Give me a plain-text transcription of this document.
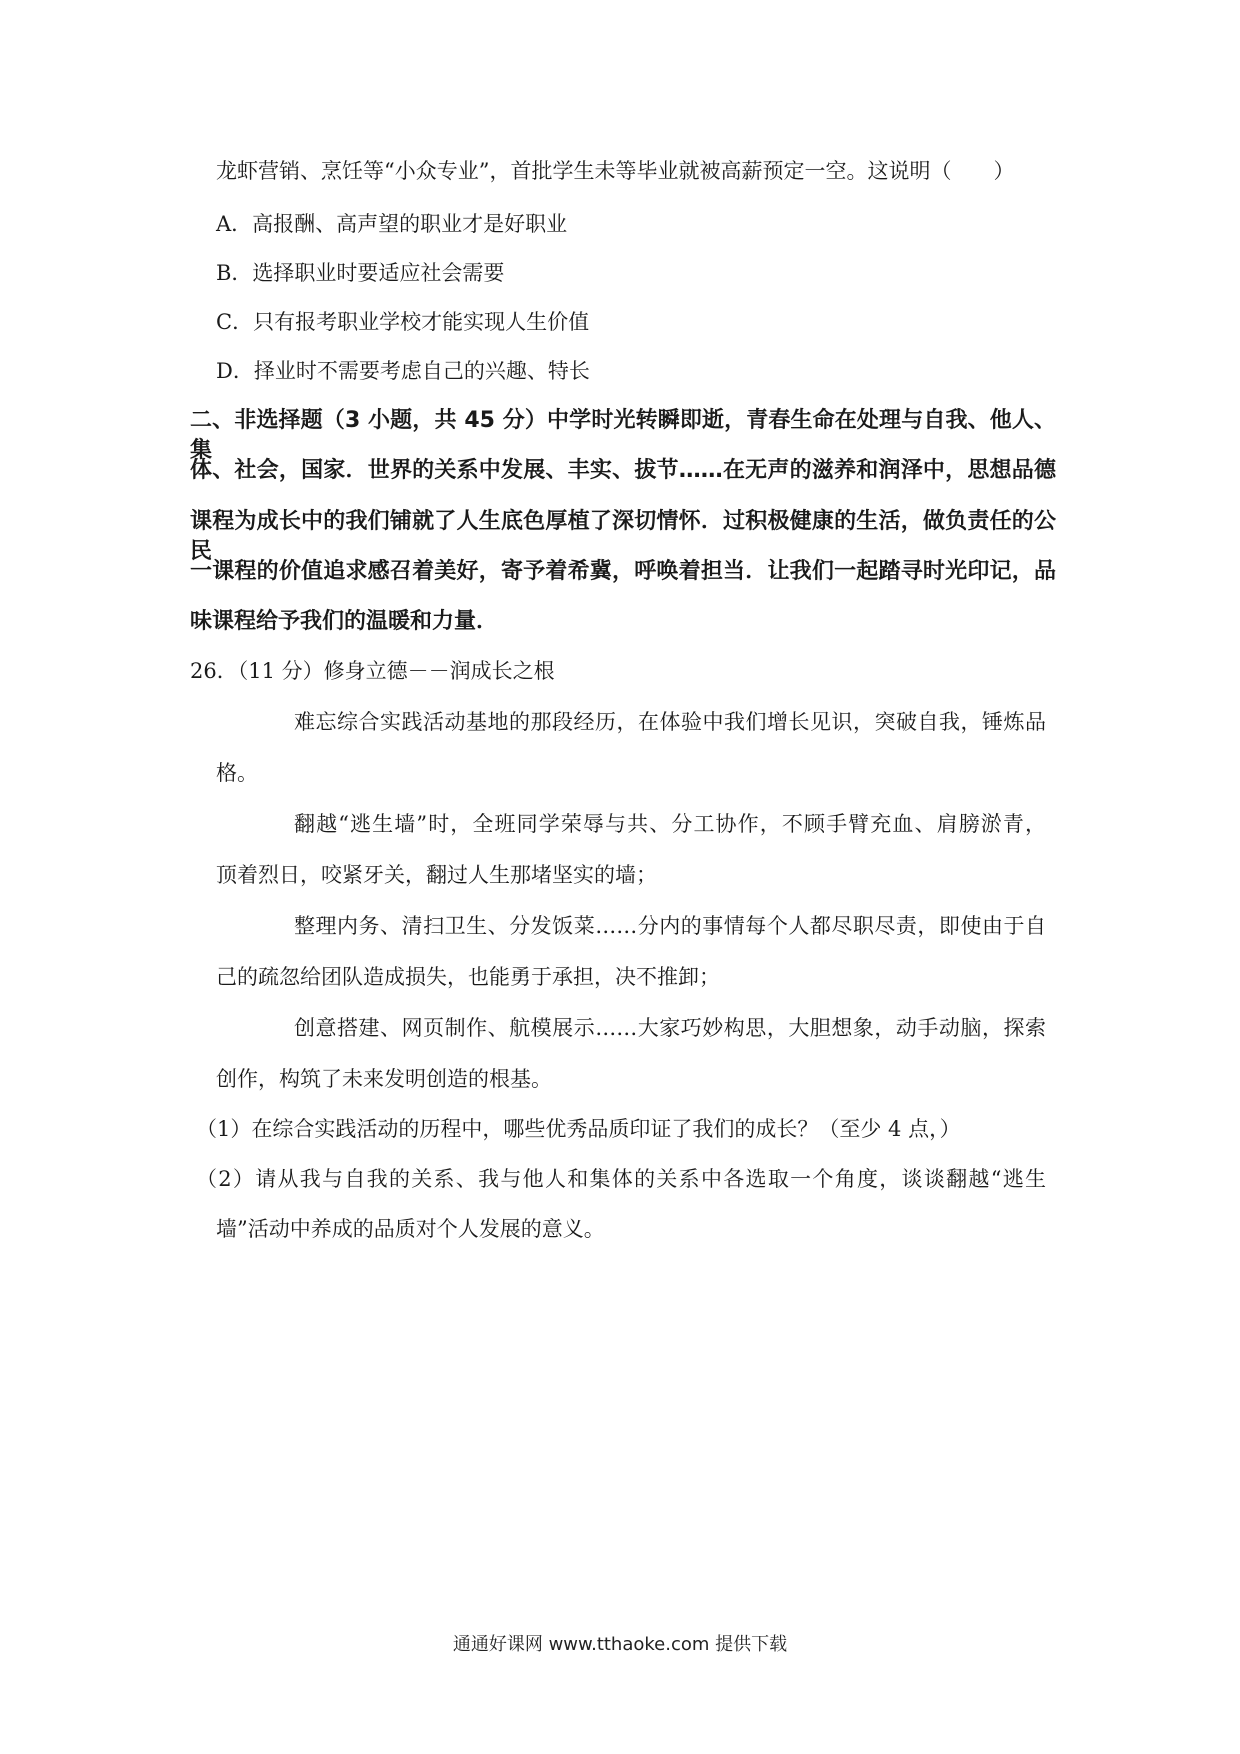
龙虾营销、烹饪等“小众专业”，首批学生未等毕业就被高薪预定一空。这说明（　　）
A．高报酬、高声望的职业才是好职业
B．选择职业时要适应社会需要
C．只有报考职业学校才能实现人生价值
D．择业时不需要考虑自己的兴趣、特长
二、非选择题（3 小题，共 45 分）中学时光转瞬即逝，青春生命在处理与自我、他人、集
体、社会，国家．世界的关系中发展、丰实、拔节……在无声的滋养和润泽中，思想品德
课程为成长中的我们铺就了人生底色厚植了深切情怀．过积极健康的生活，做负责任的公民
一课程的价值追求感召着美好，寄予着希冀，呼唤着担当．让我们一起踏寻时光印记，品
味课程给予我们的温暖和力量．
26．（11 分）修身立德－－润成长之根
难忘综合实践活动基地的那段经历，在体验中我们增长见识，突破自我，锤炼品
格。
翻越“逃生墙”时，全班同学荣辱与共、分工协作，不顾手臂充血、肩膀淤青，
顶着烈日，咬紧牙关，翻过人生那堵坚实的墙；
整理内务、清扫卫生、分发饭菜……分内的事情每个人都尽职尽责，即使由于自
己的疏忽给团队造成损失，也能勇于承担，决不推卸；
创意搭建、网页制作、航模展示……大家巧妙构思，大胆想象，动手动脑，探索
创作，构筑了未来发明创造的根基。
（1）在综合实践活动的历程中，哪些优秀品质印证了我们的成长？（至少 4 点，）
（2）请从我与自我的关系、我与他人和集体的关系中各选取一个角度，谈谈翻越“逃生
墙”活动中养成的品质对个人发展的意义。
通通好课网 www.tthaoke.com 提供下载
